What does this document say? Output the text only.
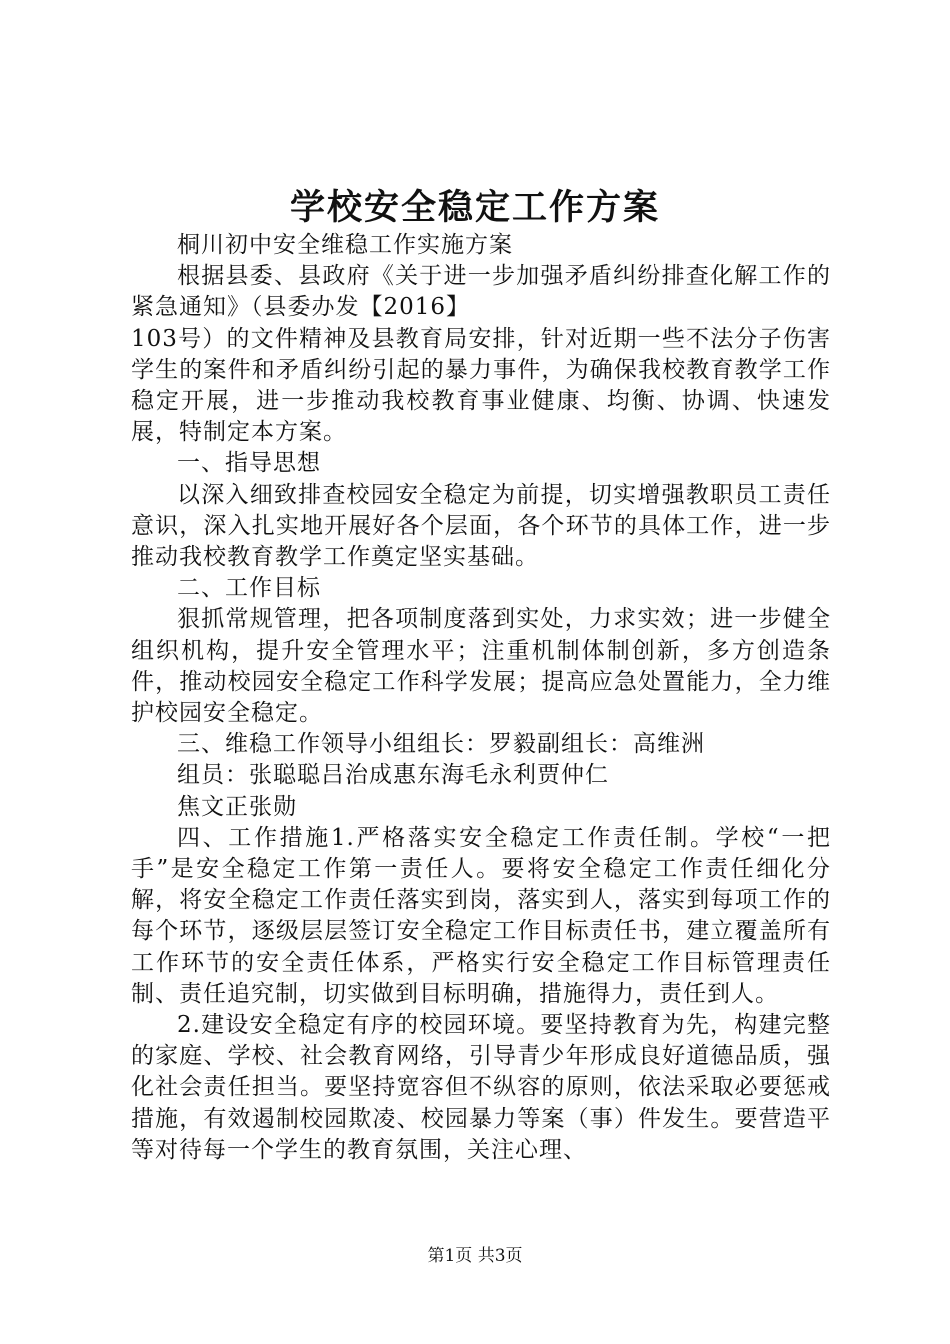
学校安全稳定工作方案

桐川初中安全维稳工作实施方案

根据县委、县政府《关于进一步加强矛盾纠纷排查化解工作的紧急通知》（县委办发【2016】

103号）的文件精神及县教育局安排，针对近期一些不法分子伤害学生的案件和矛盾纠纷引起的暴力事件，为确保我校教育教学工作稳定开展，进一步推动我校教育事业健康、均衡、协调、快速发展，特制定本方案。

一、指导思想

以深入细致排查校园安全稳定为前提，切实增强教职员工责任意识，深入扎实地开展好各个层面，各个环节的具体工作，进一步推动我校教育教学工作奠定坚实基础。

二、工作目标

狠抓常规管理，把各项制度落到实处，力求实效；进一步健全组织机构，提升安全管理水平；注重机制体制创新，多方创造条件，推动校园安全稳定工作科学发展；提高应急处置能力，全力维护校园安全稳定。

三、维稳工作领导小组组长：罗毅副组长：高维洲

组员：张聪聪吕治成惠东海毛永利贾仲仁

焦文正张勋

四、工作措施1.严格落实安全稳定工作责任制。学校“一把手”是安全稳定工作第一责任人。要将安全稳定工作责任细化分解，将安全稳定工作责任落实到岗，落实到人，落实到每项工作的每个环节，逐级层层签订安全稳定工作目标责任书，建立覆盖所有工作环节的安全责任体系，严格实行安全稳定工作目标管理责任制、责任追究制，切实做到目标明确，措施得力，责任到人。

2.建设安全稳定有序的校园环境。要坚持教育为先，构建完整的家庭、学校、社会教育网络，引导青少年形成良好道德品质，强化社会责任担当。要坚持宽容但不纵容的原则，依法采取必要惩戒措施，有效遏制校园欺凌、校园暴力等案（事）件发生。要营造平等对待每一个学生的教育氛围，关注心理、

第1页 共3页
